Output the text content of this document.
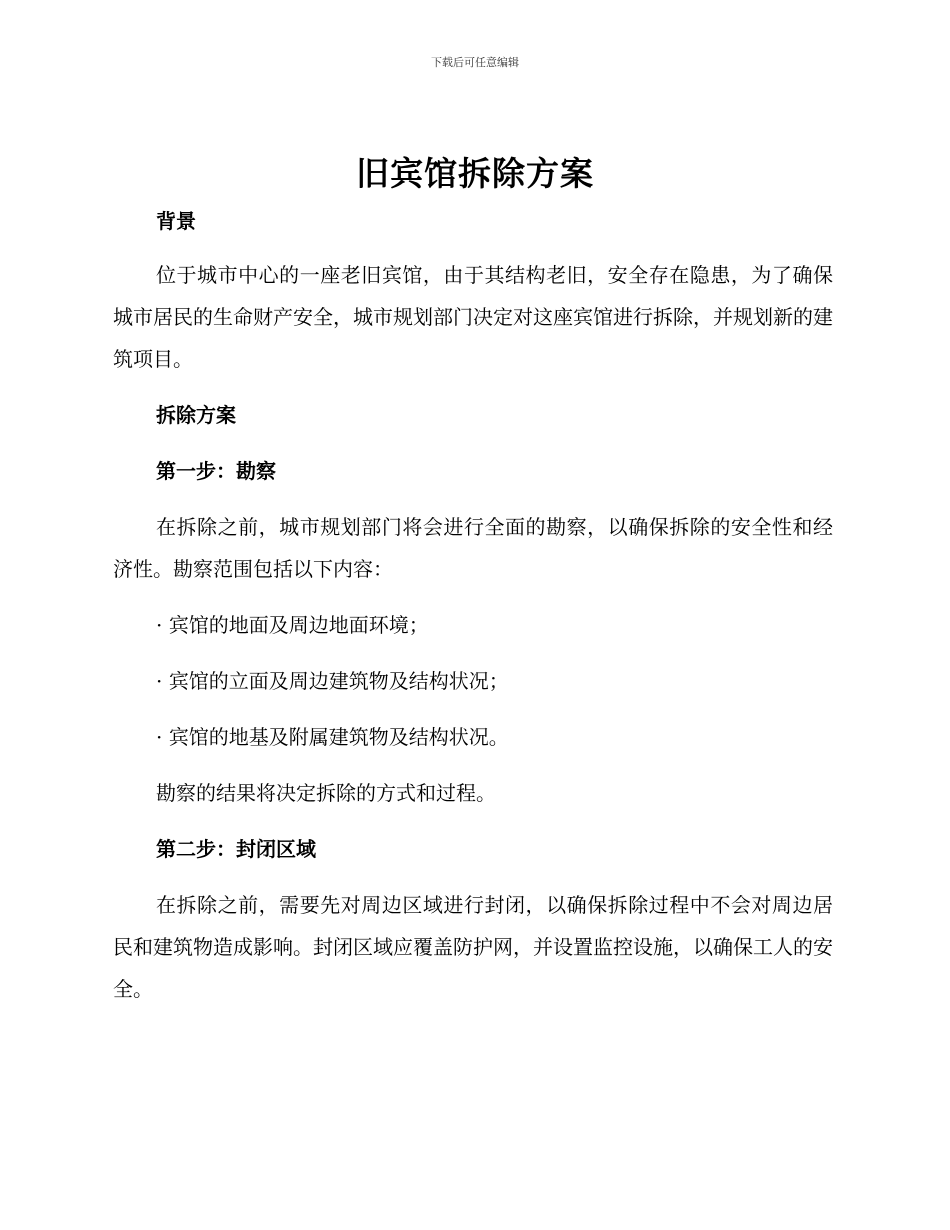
下载后可任意编辑
旧宾馆拆除方案

背景

位于城市中心的一座老旧宾馆，由于其结构老旧，安全存在隐患，为了确保城市居民的生命财产安全，城市规划部门决定对这座宾馆进行拆除，并规划新的建筑项目。

拆除方案

第一步：勘察

在拆除之前，城市规划部门将会进行全面的勘察，以确保拆除的安全性和经济性。勘察范围包括以下内容：

· 宾馆的地面及周边地面环境；

· 宾馆的立面及周边建筑物及结构状况；

· 宾馆的地基及附属建筑物及结构状况。

勘察的结果将决定拆除的方式和过程。

第二步：封闭区域

在拆除之前，需要先对周边区域进行封闭，以确保拆除过程中不会对周边居民和建筑物造成影响。封闭区域应覆盖防护网，并设置监控设施，以确保工人的安全。
